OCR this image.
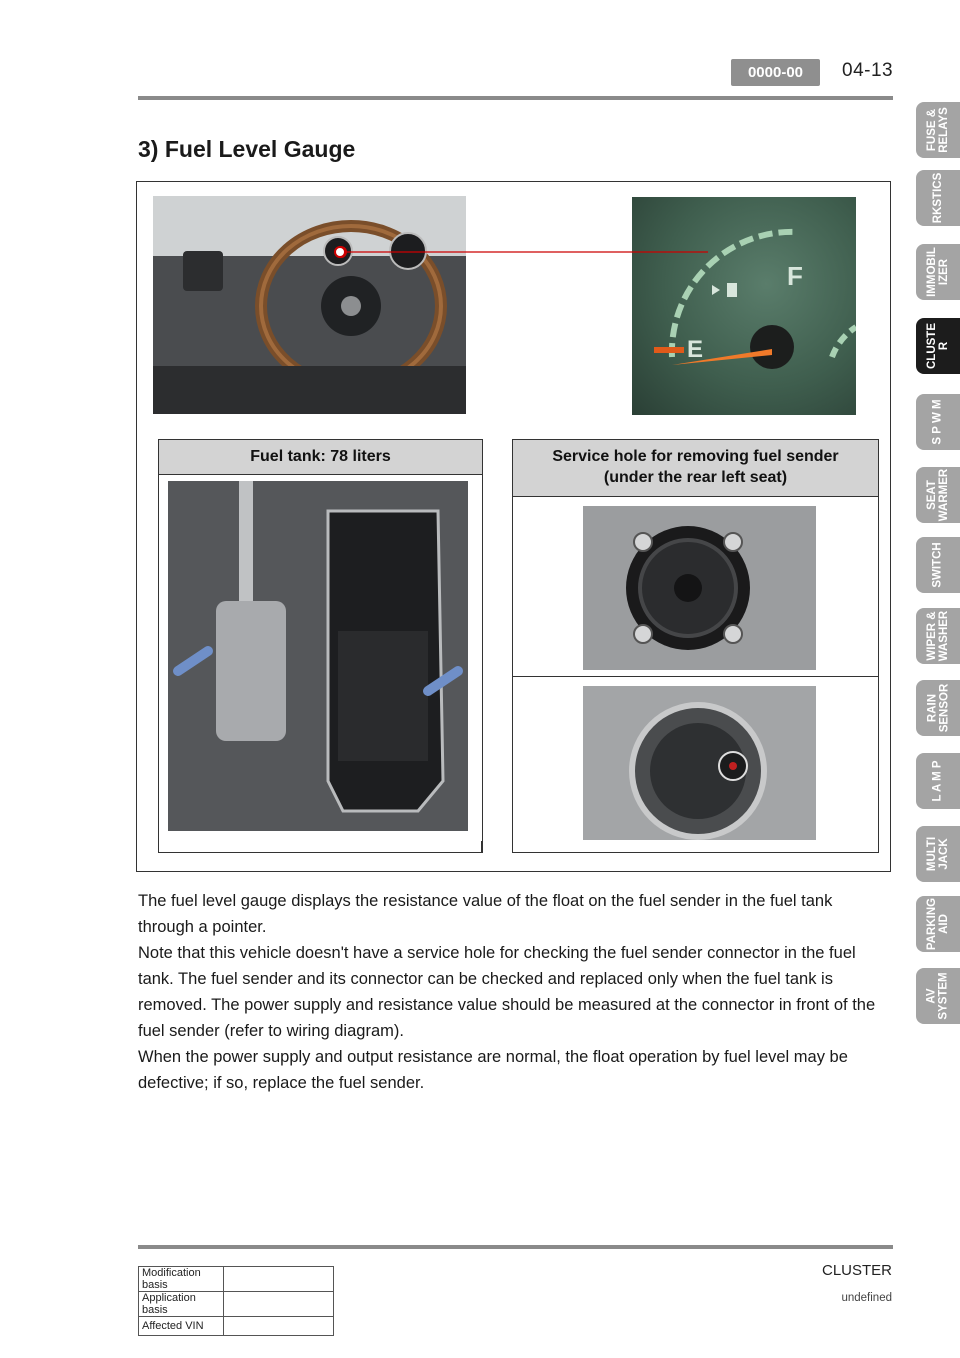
0000-00	04-13
3) Fuel Level Gauge
F
E
Fuel tank: 78 liters	Service hole for removing fuel sender
(under the rear left seat)

The fuel level gauge displays the resistance value of the float on the fuel sender in the fuel tank through a pointer.

Note that this vehicle doesn't have a service hole for checking the fuel sender connector in the fuel tank. The fuel sender and its connector can be checked and replaced only when the fuel tank is removed. The power supply and resistance value should be measured at the connector in front of the fuel sender (refer to wiring diagram).

When the power supply and output resistance are normal, the float operation by fuel level may be defective; if so, replace the fuel sender.

FUSE & RELAYS
RKSTICS
IMMOBIL IZER
CLUSTE R
S P W M
SEAT WARMER
SWITCH
WIPER & WASHER
RAIN SENSOR
L A M P
MULTI JACK
PARKING AID
AV SYSTEM
CLUSTER
undefined
Modification basis	
Application basis	
Affected VIN	
